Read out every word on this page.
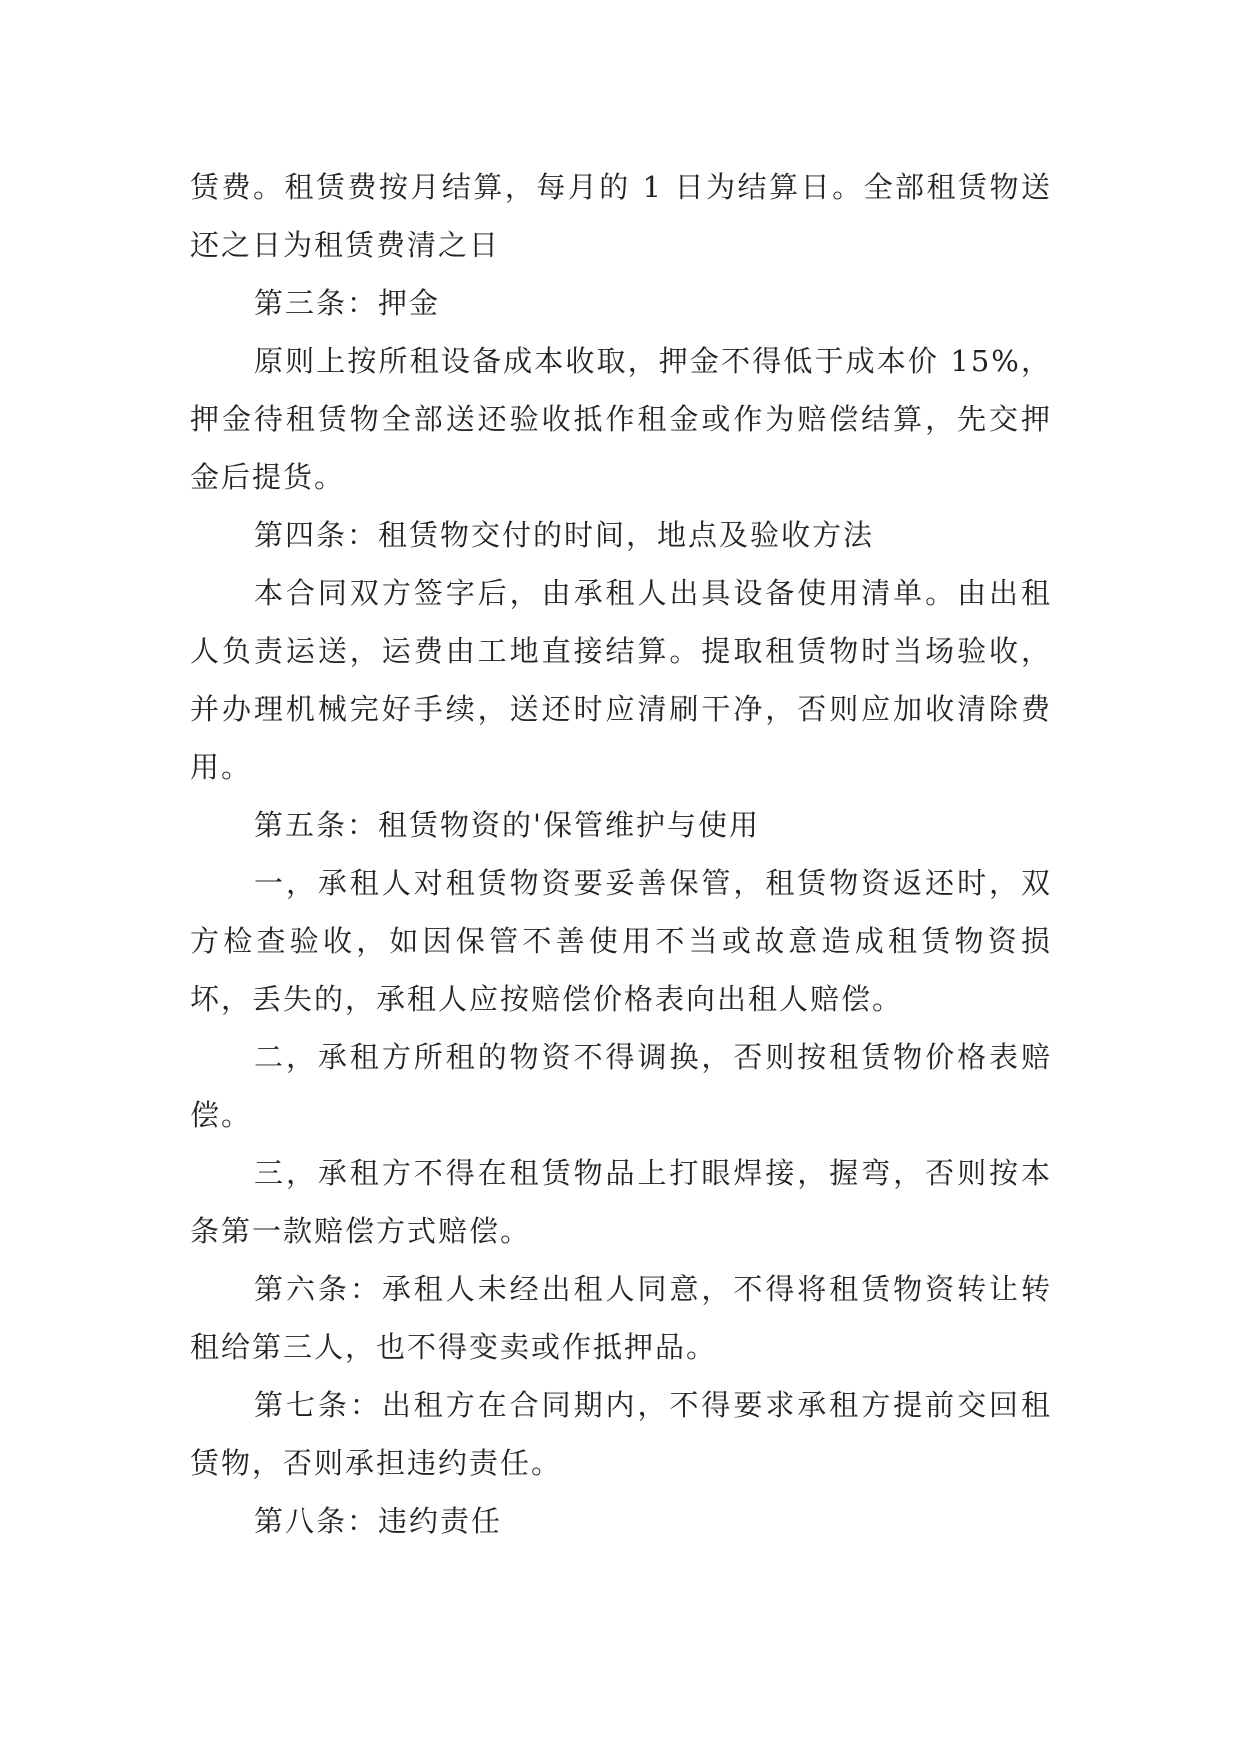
赁费。租赁费按月结算，每月的 1 日为结算日。全部租赁物送还之日为租赁费清之日

第三条：押金

原则上按所租设备成本收取，押金不得低于成本价 15%，押金待租赁物全部送还验收抵作租金或作为赔偿结算，先交押金后提货。

第四条：租赁物交付的时间，地点及验收方法

本合同双方签字后，由承租人出具设备使用清单。由出租人负责运送，运费由工地直接结算。提取租赁物时当场验收，并办理机械完好手续，送还时应清刷干净，否则应加收清除费用。

第五条：租赁物资的'保管维护与使用

一，承租人对租赁物资要妥善保管，租赁物资返还时，双方检查验收，如因保管不善使用不当或故意造成租赁物资损坏，丢失的，承租人应按赔偿价格表向出租人赔偿。

二，承租方所租的物资不得调换，否则按租赁物价格表赔偿。

三，承租方不得在租赁物品上打眼焊接，握弯，否则按本条第一款赔偿方式赔偿。

第六条：承租人未经出租人同意，不得将租赁物资转让转租给第三人，也不得变卖或作抵押品。

第七条：出租方在合同期内，不得要求承租方提前交回租赁物，否则承担违约责任。

第八条：违约责任
